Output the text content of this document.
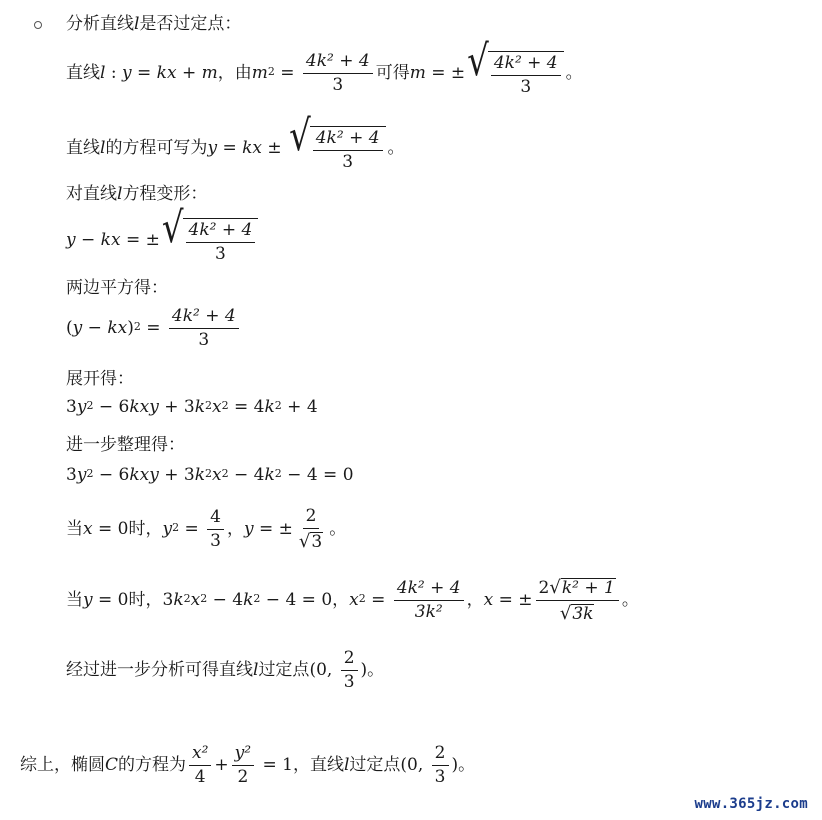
分析直线 l 是否过定点：
直线 l : y = kx + m ， 由 $m^2 = \frac{\text{4k² + 4}}{3}$ 可得 m = ± √ $\frac{\text{4k² + 4}}{3}$ 。
直线 l 的方程可写为 y = kx ± √ $\frac{\text{4k² + 4}}{3}$ 。
对直线 l 方程变形：
y − kx = ± √ $\frac{\text{4k² + 4}}{3}$
两边平方得：
( y − kx )$^2 = \frac{\text{4k² + 4}}{3}$
展开得：
3 $y^2 - 6$ kxy + 3 $k^2$ $x^2 = 4$ $k^2 + 4$
进一步整理得：
3 $y^2 - 6$ kxy + 3 $k^2$ $x^2 - 4$ $k^2 - 4 = 0$
当 x = 0 时， $y^2 = \frac{4}{3}$ ， y = ± $\frac{2}{√ 3}$ 。
当 y = 0 时， 3 $k^2$ $x^2 - 4$ $k^2 - 4 = 0$， $x^2 = \frac{\text{4k² + 4}}{\text{3k²}}$ ， x = ± $\frac{\text{2 √ k² + 1}}{√ 3k}$ 。
经过进一步分析可得直线 l 过定点 (0, $\frac{2}{3}$ ) 。
综上，椭圆 C 的方程为 $\frac{\text{x²}}{4} + \frac{\text{y²}}{2} = 1$， 直线 l 过定点 (0, $\frac{2}{3}$ ) 。
www.365jz.com
